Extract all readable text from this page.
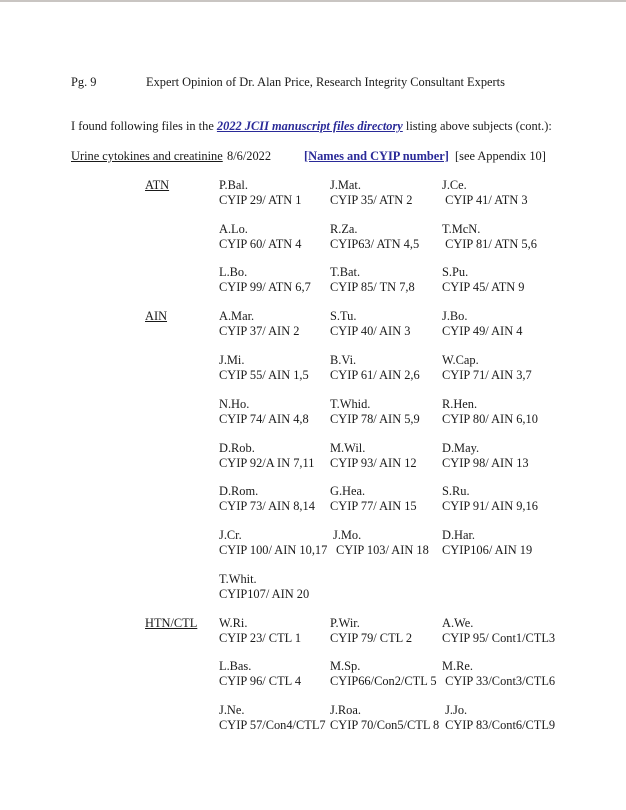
Pg. 9	Expert Opinion of Dr. Alan Price, Research Integrity Consultant Experts
I found following files in the 2022 JCII manuscript files directory listing above subjects (cont.):
Urine cytokines and creatinine 8/6/2022	[Names and CYIP number] [see Appendix 10]
ATN
AIN
HTN/CTL
P.Bal.
CYIP 29/ ATN 1
J.Mat.
CYIP 35/ ATN 2
J.Ce.
CYIP 41/ ATN 3
A.Lo.
CYIP 60/ ATN 4
R.Za.
CYIP63/ ATN 4,5
T.McN.
CYIP 81/ ATN 5,6
L.Bo.
CYIP 99/ ATN 6,7
T.Bat.
CYIP 85/ TN 7,8
S.Pu.
CYIP 45/ ATN 9
A.Mar.
CYIP 37/ AIN 2
S.Tu.
CYIP 40/ AIN 3
J.Bo.
CYIP 49/ AIN 4
J.Mi.
CYIP 55/ AIN 1,5
B.Vi.
CYIP 61/ AIN 2,6
W.Cap.
CYIP 71/ AIN 3,7
N.Ho.
CYIP 74/ AIN 4,8
T.Whid.
CYIP 78/ AIN 5,9
R.Hen.
CYIP 80/ AIN 6,10
D.Rob.
CYIP 92/A IN 7,11
M.Wil.
CYIP 93/ AIN 12
D.May.
CYIP 98/ AIN 13
D.Rom.
CYIP 73/ AIN 8,14
G.Hea.
CYIP 77/ AIN 15
S.Ru.
CYIP 91/ AIN 9,16
J.Cr.
CYIP 100/ AIN 10,17
J.Mo.
CYIP 103/ AIN 18
D.Har.
CYIP106/ AIN 19
T.Whit.
CYIP107/ AIN 20
W.Ri.
CYIP 23/ CTL 1
P.Wir.
CYIP 79/ CTL 2
A.We.
CYIP 95/ Cont1/CTL3
L.Bas.
CYIP 96/ CTL 4
M.Sp.
CYIP66/Con2/CTL 5
M.Re.
CYIP 33/Cont3/CTL6
J.Ne.
CYIP 57/Con4/CTL7
J.Roa.
CYIP 70/Con5/CTL 8
J.Jo.
CYIP 83/Cont6/CTL9
